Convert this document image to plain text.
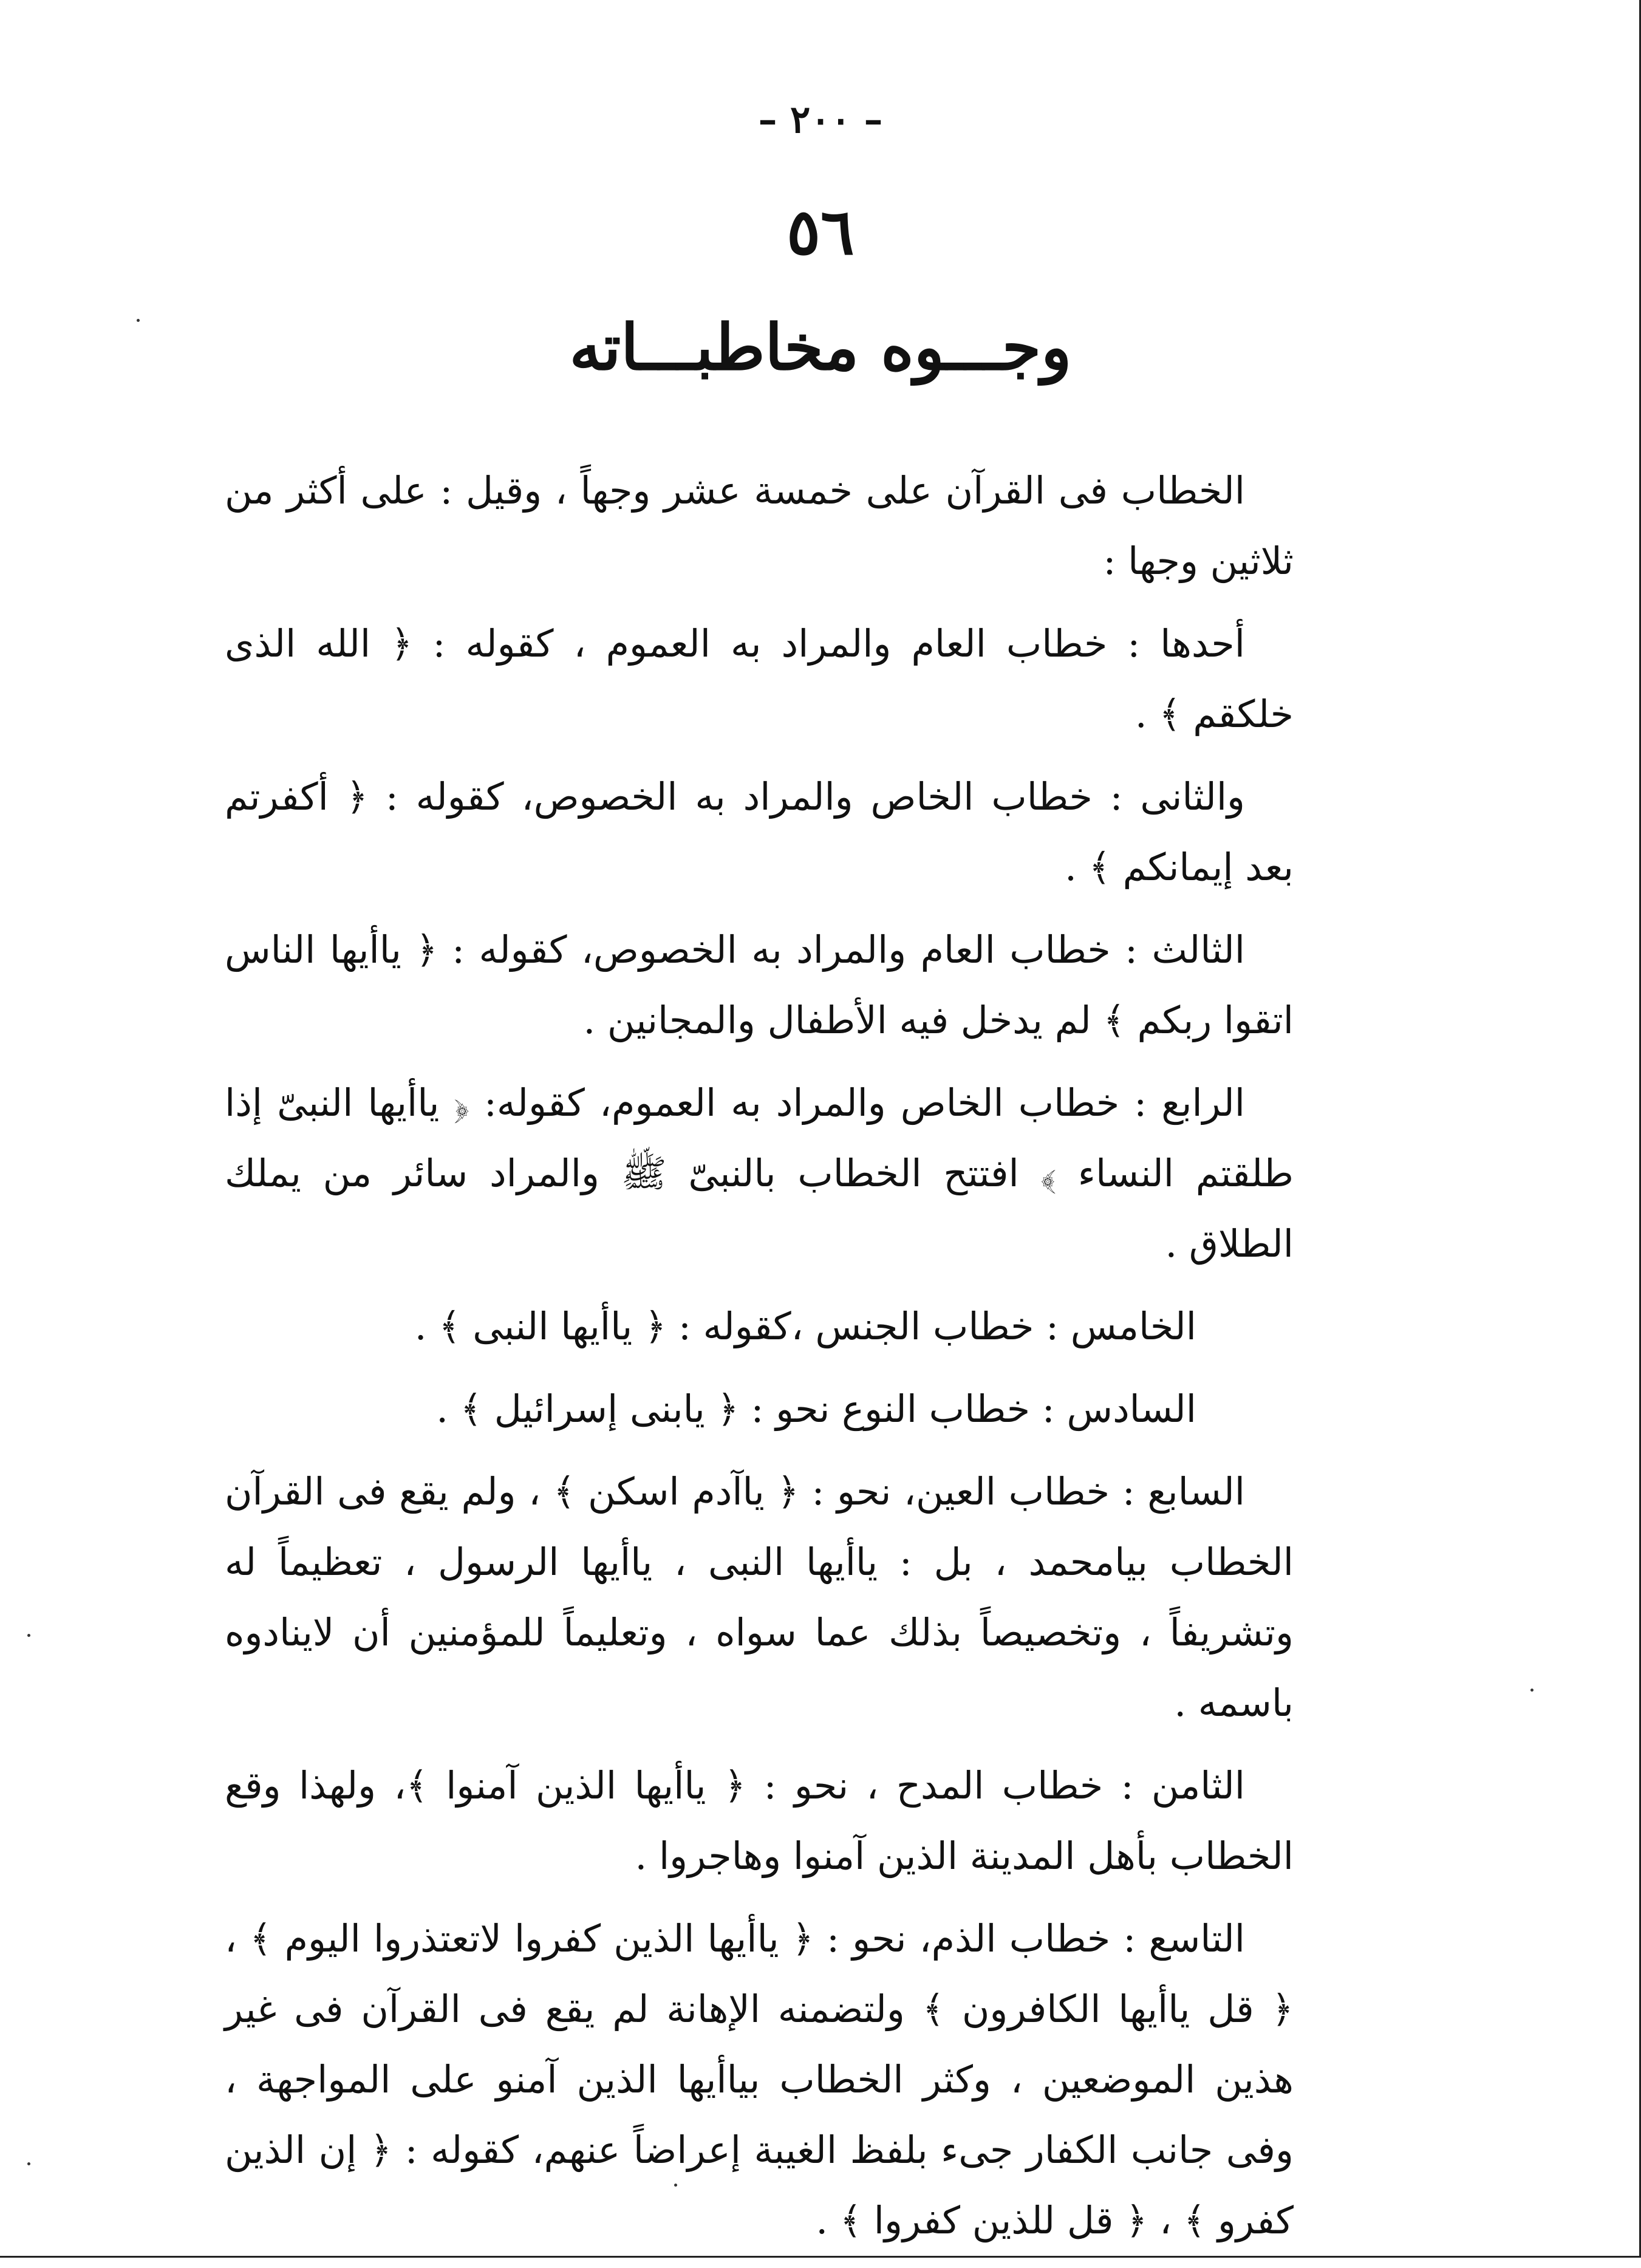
– ٢٠٠ –
٥٦
وجـــوه مخاطبـــاته

الخطاب فى القرآن على خمسة عشر وجهاً ، وقيل : على أكثر من ثلاثين وجها :

أحدها : خطاب العام والمراد به العموم ، كقوله : ﴿ الله الذى خلكقم ﴾ .

والثانى : خطاب الخاص والمراد به الخصوص، كقوله : ﴿ أكفرتم بعد إيمانكم ﴾ .

الثالث : خطاب العام والمراد به الخصوص، كقوله : ﴿ ياأيها الناس اتقوا ربكم ﴾ لم يدخل فيه الأطفال والمجانين .

الرابع : خطاب الخاص والمراد به العموم، كقوله: ﴿ ياأيها النبىّ إذا طلقتم النساء ﴾ افتتح الخطاب بالنبىّ ﷺ والمراد سائر من يملك الطلاق .

الخامس : خطاب الجنس ،كقوله : ﴿ ياأيها النبى ﴾ .

السادس : خطاب النوع نحو : ﴿ يابنى إسرائيل ﴾ .

السابع : خطاب العين، نحو : ﴿ ياآدم اسكن ﴾ ، ولم يقع فى القرآن الخطاب بيامحمد ، بل : ياأيها النبى ، ياأيها الرسول ، تعظيماً له وتشريفاً ، وتخصيصاً بذلك عما سواه ، وتعليماً للمؤمنين أن لاينادوه باسمه .

الثامن : خطاب المدح ، نحو : ﴿ ياأيها الذين آمنوا ﴾، ولهذا وقع الخطاب بأهل المدينة الذين آمنوا وهاجروا .

التاسع : خطاب الذم، نحو : ﴿ ياأيها الذين كفروا لاتعتذروا اليوم ﴾ ، ﴿ قل ياأيها الكافرون ﴾ ولتضمنه الإهانة لم يقع فى القرآن فى غير هذين الموضعين ، وكثر الخطاب بياأيها الذين آمنو على المواجهة ، وفى جانب الكفار جىء بلفظ الغيبة إعراضاً عنهم، كقوله : ﴿ إن الذين كفرو ﴾ ، ﴿ قل للذين كفروا ﴾ .
